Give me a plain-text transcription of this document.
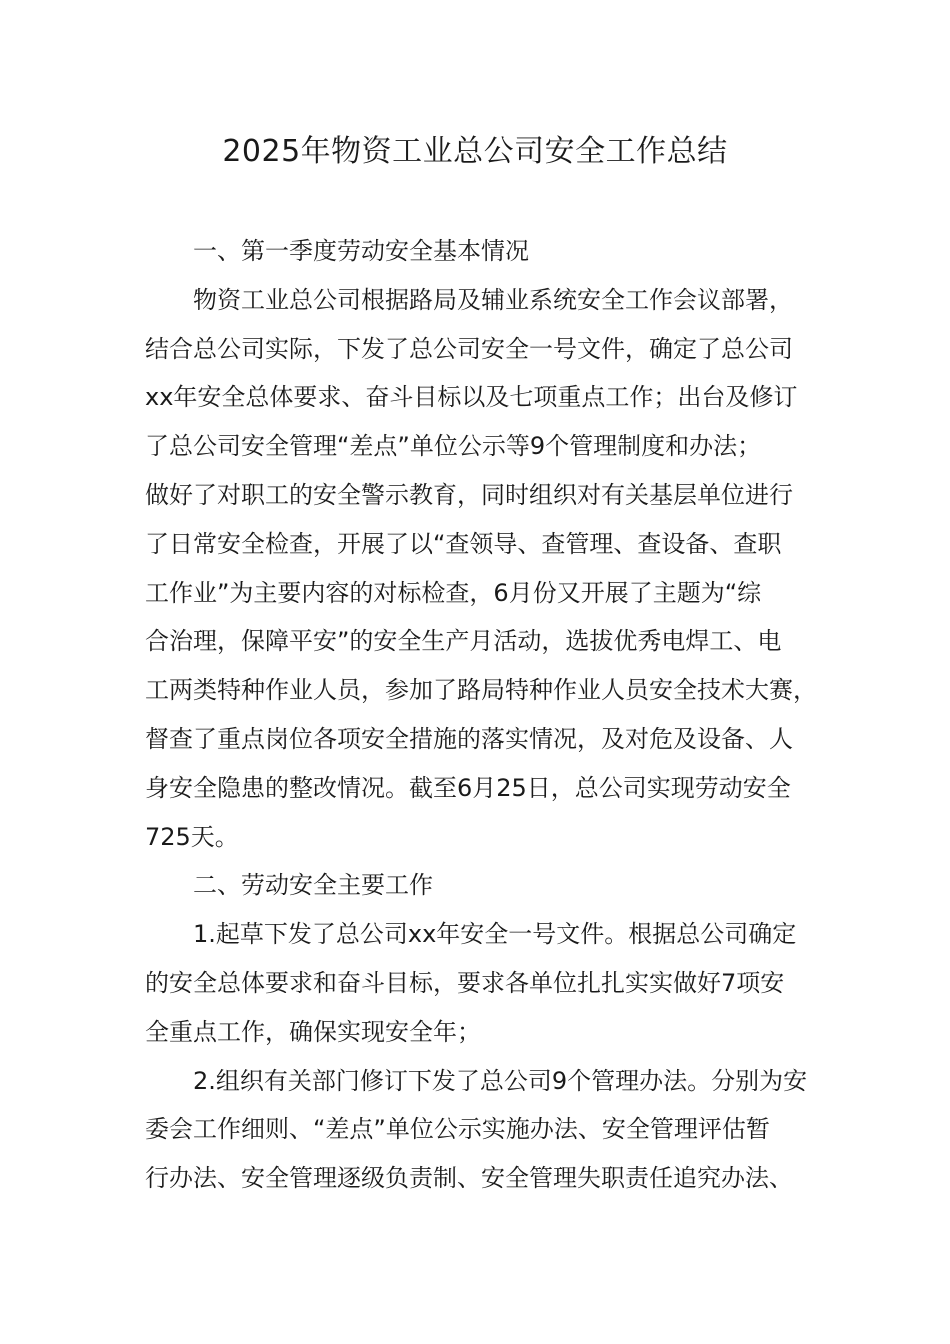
2025年物资工业总公司安全工作总结
一、第一季度劳动安全基本情况
物资工业总公司根据路局及辅业系统安全工作会议部署，
结合总公司实际，下发了总公司安全一号文件，确定了总公司
xx年安全总体要求、奋斗目标以及七项重点工作；出台及修订
了总公司安全管理“差点”单位公示等9个管理制度和办法；
做好了对职工的安全警示教育，同时组织对有关基层单位进行
了日常安全检查，开展了以“查领导、查管理、查设备、查职
工作业”为主要内容的对标检查，6月份又开展了主题为“综
合治理，保障平安”的安全生产月活动，选拔优秀电焊工、电
工两类特种作业人员，参加了路局特种作业人员安全技术大赛，
督查了重点岗位各项安全措施的落实情况，及对危及设备、人
身安全隐患的整改情况。截至6月25日，总公司实现劳动安全
725天。
二、劳动安全主要工作
1.起草下发了总公司xx年安全一号文件。根据总公司确定
的安全总体要求和奋斗目标，要求各单位扎扎实实做好7项安
全重点工作，确保实现安全年；
2.组织有关部门修订下发了总公司9个管理办法。分别为安
委会工作细则、“差点”单位公示实施办法、安全管理评估暂
行办法、安全管理逐级负责制、安全管理失职责任追究办法、
